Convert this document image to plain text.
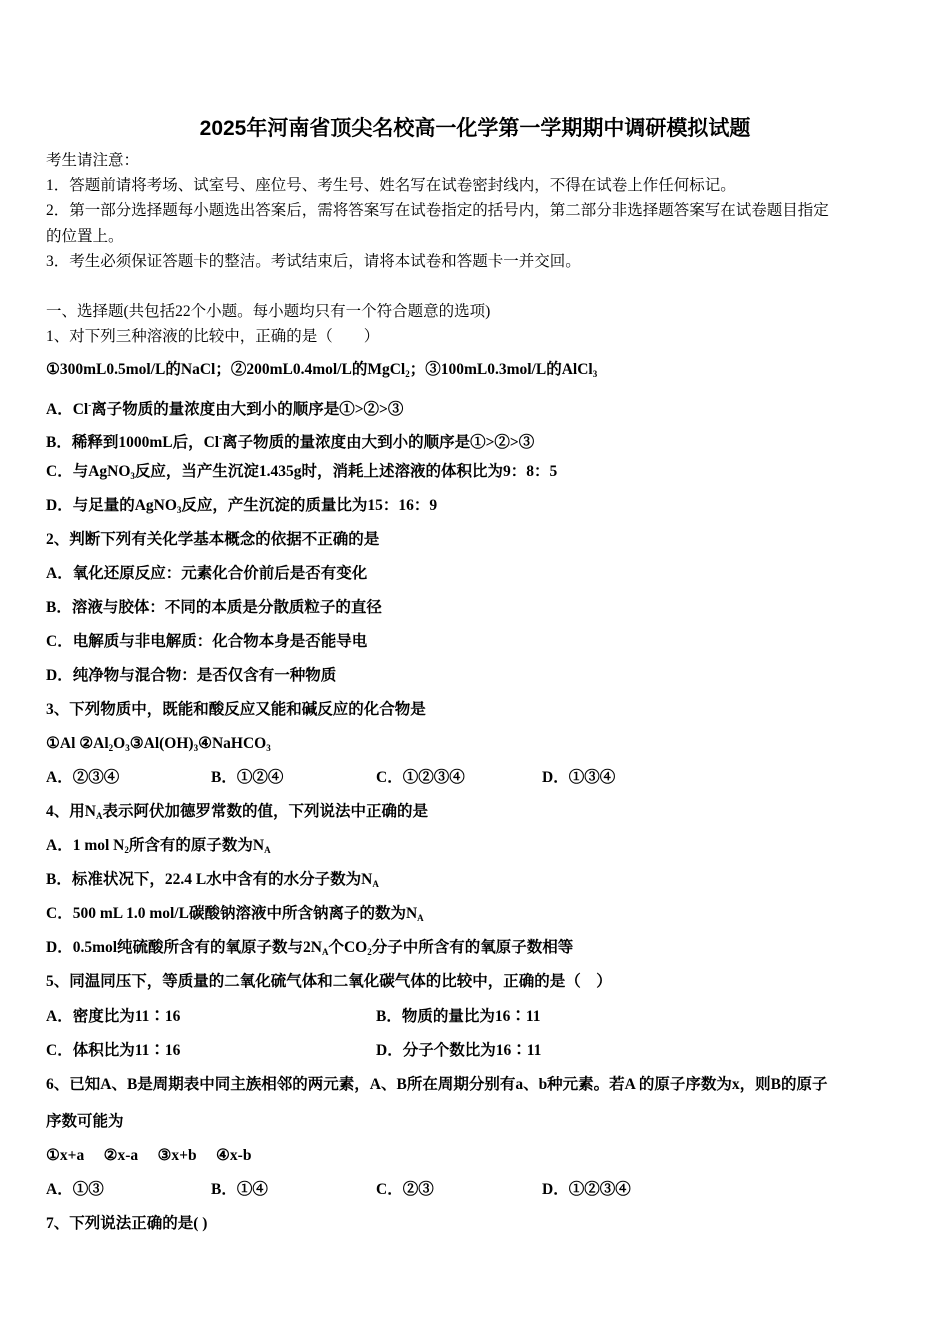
2025年河南省顶尖名校高一化学第一学期期中调研模拟试题
考生请注意：
1．答题前请将考场、试室号、座位号、考生号、姓名写在试卷密封线内，不得在试卷上作任何标记。
2．第一部分选择题每小题选出答案后，需将答案写在试卷指定的括号内，第二部分非选择题答案写在试卷题目指定
的位置上。
3．考生必须保证答题卡的整洁。考试结束后，请将本试卷和答题卡一并交回。
一、选择题(共包括22个小题。每小题均只有一个符合题意的选项)
1、对下列三种溶液的比较中，正确的是（　　）
①300mL0.5mol/L的NaCl；②200mL0.4mol/L的MgCl$_2$；③100mL0.3mol/L的AlCl$_3$
A．Cl-离子物质的量浓度由大到小的顺序是①>②>③
B．稀释到1000mL后，Cl-离子物质的量浓度由大到小的顺序是①>②>③
C．与AgNO$_3$反应，当产生沉淀1.435g时，消耗上述溶液的体积比为9：8：5
D．与足量的AgNO$_3$反应，产生沉淀的质量比为15：16：9
2、判断下列有关化学基本概念的依据不正确的是
A．氧化还原反应：元素化合价前后是否有变化
B．溶液与胶体：不同的本质是分散质粒子的直径
C．电解质与非电解质：化合物本身是否能导电
D．纯净物与混合物：是否仅含有一种物质
3、下列物质中，既能和酸反应又能和碱反应的化合物是
①Al $②Al_2O_3③Al(OH)_3④NaHCO_3$
A．②③④	B．①②④	C．①②③④	D．①③④
4、用$N_A$表示阿伏加德罗常数的值，下列说法中正确的是
A．1 mol $N_2$所含有的原子数为$N_A$
B．标准状况下，22.4 L水中含有的水分子数为$N_A$
C．500 mL 1.0 mol/L碳酸钠溶液中所含钠离子的数为$N_A$
D．0.5mol纯硫酸所含有的氧原子数与$2N_A$个$CO_2$分子中所含有的氧原子数相等
5、同温同压下，等质量的二氧化硫气体和二氧化碳气体的比较中，正确的是（　）
A．密度比为11∶16	B．物质的量比为16∶11
C．体积比为11∶16	D．分子个数比为16∶11
6、已知A、B是周期表中同主族相邻的两元素，A、B所在周期分别有a、b种元素。若A 的原子序数为x，则B的原子
序数可能为
①x+a　 ②x-a　 ③x+b　 ④x-b
A．①③	B．①④	C．②③	D．①②③④
7、下列说法正确的是( )
